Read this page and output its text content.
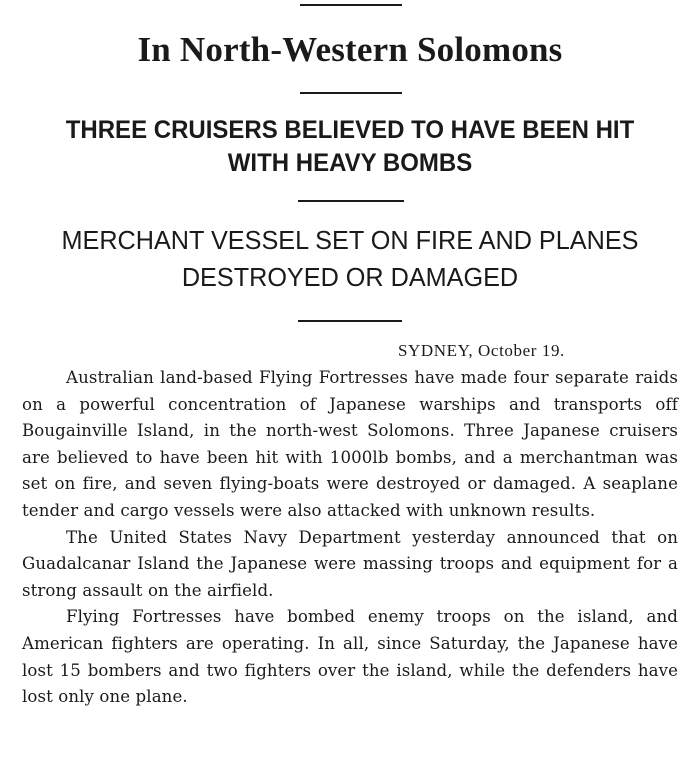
In North-Western Solomons
THREE CRUISERS BELIEVED TO HAVE BEEN HIT
WITH HEAVY BOMBS
MERCHANT VESSEL SET ON FIRE AND PLANES
DESTROYED OR DAMAGED
SYDNEY, October 19.

Australian land-based Flying Fortresses have made four separate raids on a powerful concentration of Japanese warships and transports off Bougainville Island, in the north-west Solomons. Three Japanese cruisers are believed to have been hit with 1000lb bombs, and a merchantman was set on fire, and seven flying-boats were destroyed or damaged. A seaplane tender and cargo vessels were also attacked with unknown results.

The United States Navy Department yesterday announced that on Guadalcanar Island the Japanese were massing troops and equipment for a strong assault on the airfield.

Flying Fortresses have bombed enemy troops on the island, and American fighters are operating. In all, since Saturday, the Japanese have lost 15 bombers and two fighters over the island, while the defenders have lost only one plane.
